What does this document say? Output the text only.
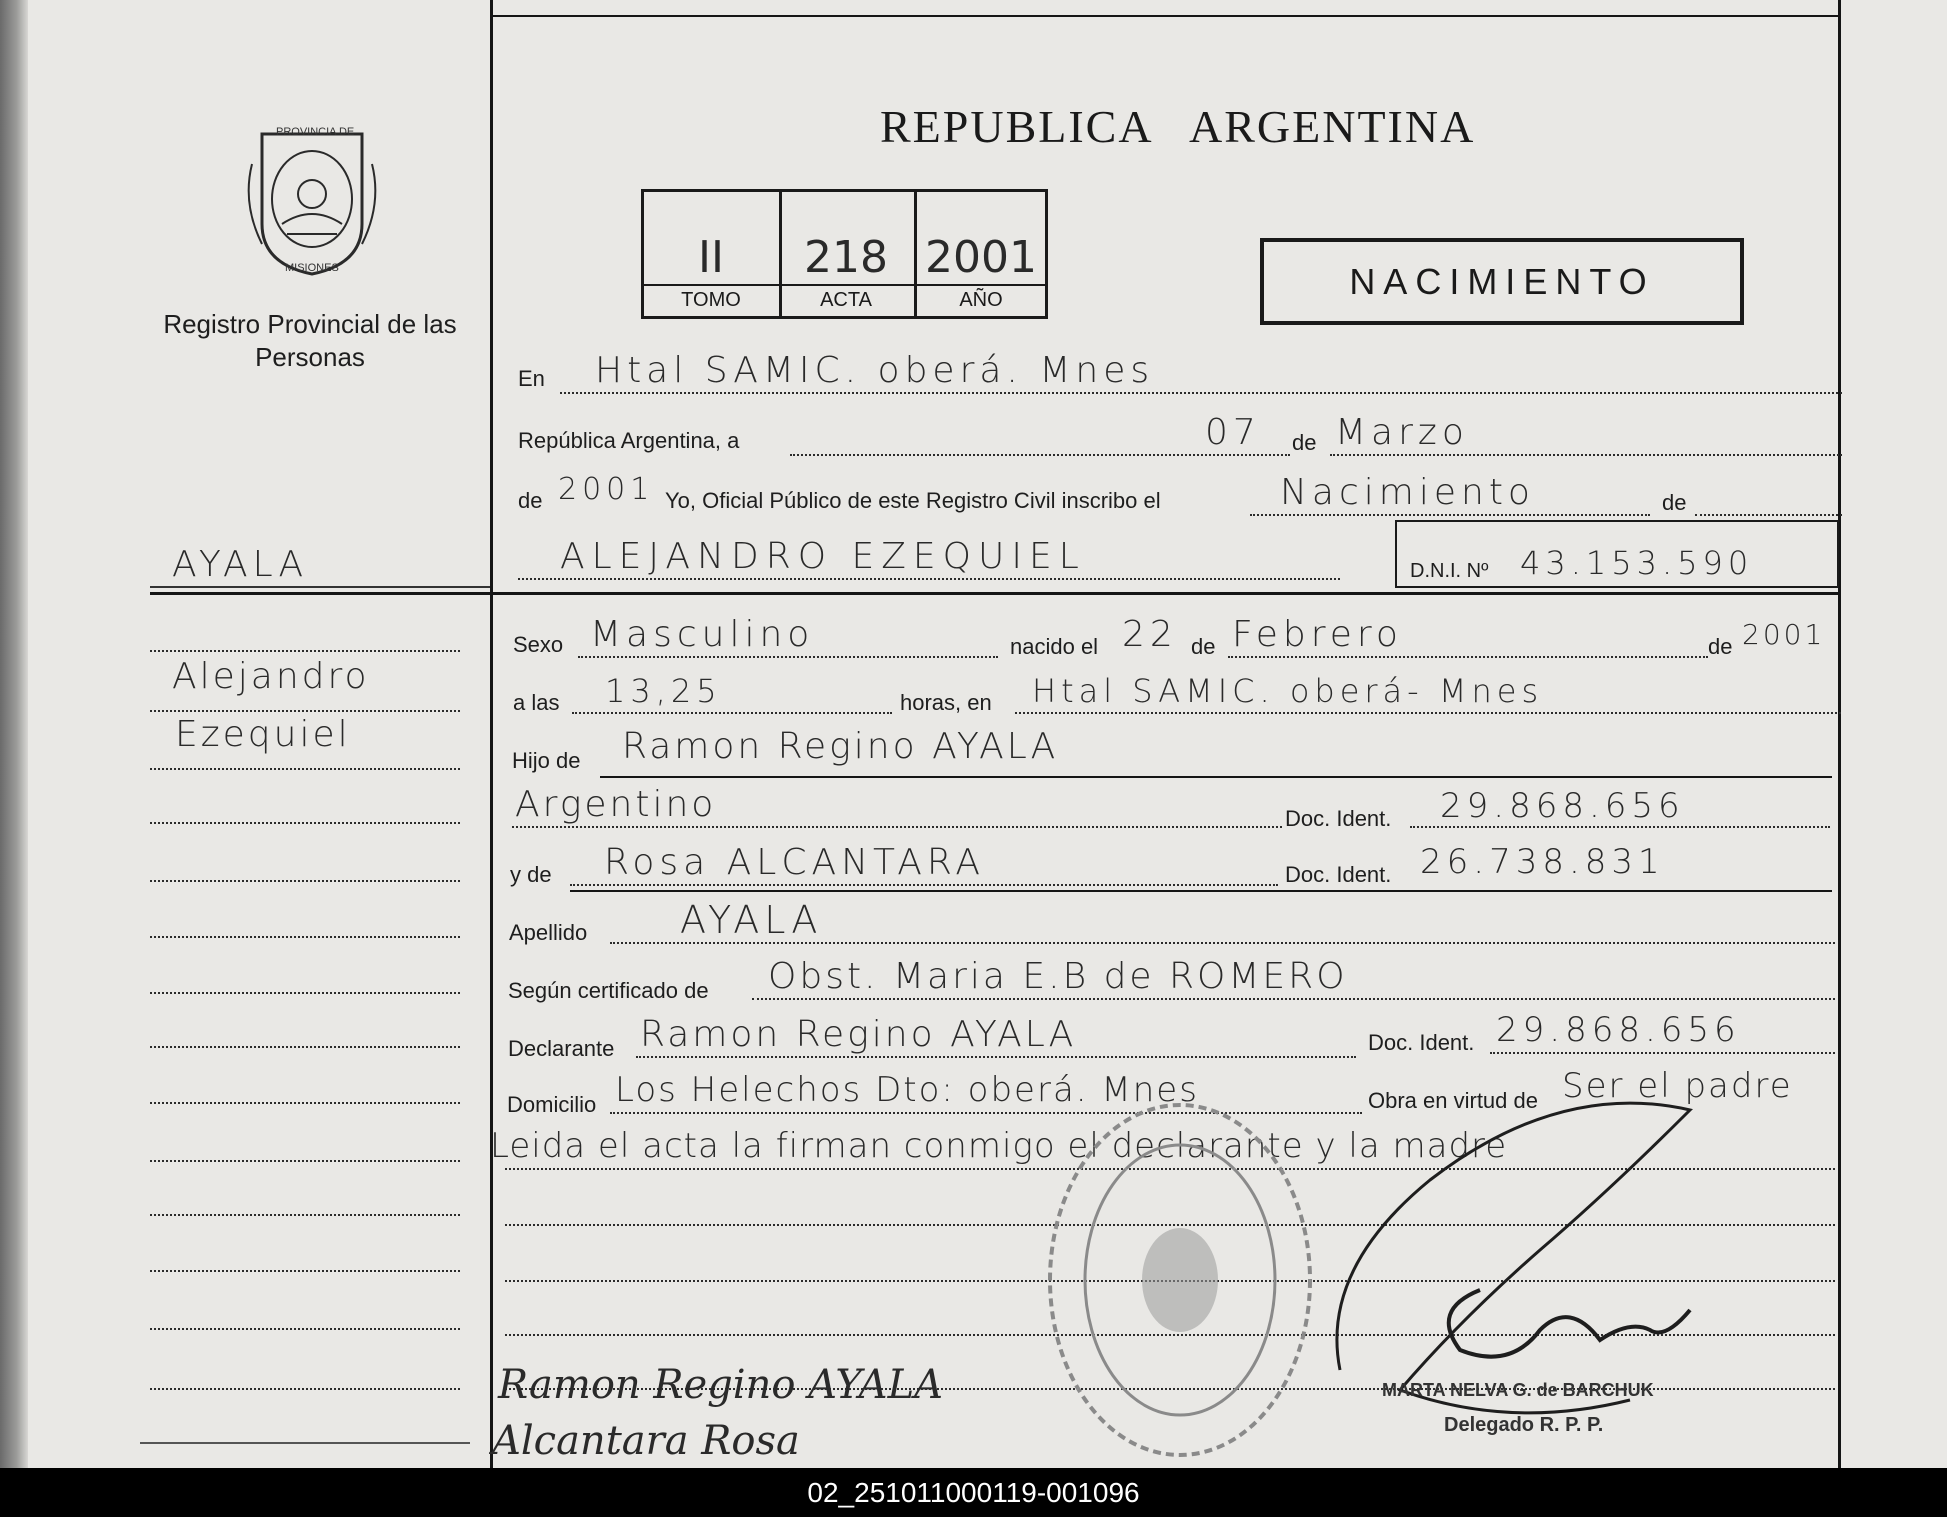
PROVINCIA DE
MISIONES
Registro Provincial de las Personas
REPUBLICA   ARGENTINA
II	218 2001
TOMO	ACTA	AÑO	NACIMIENTO
En Htal SAMIC. oberá. Mnes
República Argentina, a	07 de Marzo
de 2001 Yo, Oficial Público de este Registro Civil inscribo el	Nacimiento	de
ALEJANDRO EZEQUIEL	D.N.I. Nº 43.153.590
AYALA
Alejandro
Ezequiel
Sexo Masculino	nacido el 22 de Febrero	de 2001
a las 13,25	horas, en Htal SAMIC. oberá- Mnes
Hijo de Ramon Regino AYALA
Argentino	Doc. Ident. 29.868.656
y de Rosa ALCANTARA	Doc. Ident. 26.738.831
Apellido AYALA
Según certificado de Obst. Maria E.B de ROMERO
Declarante Ramon Regino AYALA	Doc. Ident. 29.868.656
Domicilio Los Helechos Dto: oberá. Mnes	Obra en virtud de Ser el padre
Leida el acta la firman conmigo el declarante y la madre
MARTA NELVA G. de BARCHUK
Delegado R. P. P.
Ramon Regino AYALA
Alcantara Rosa
02_251011000119-001096
